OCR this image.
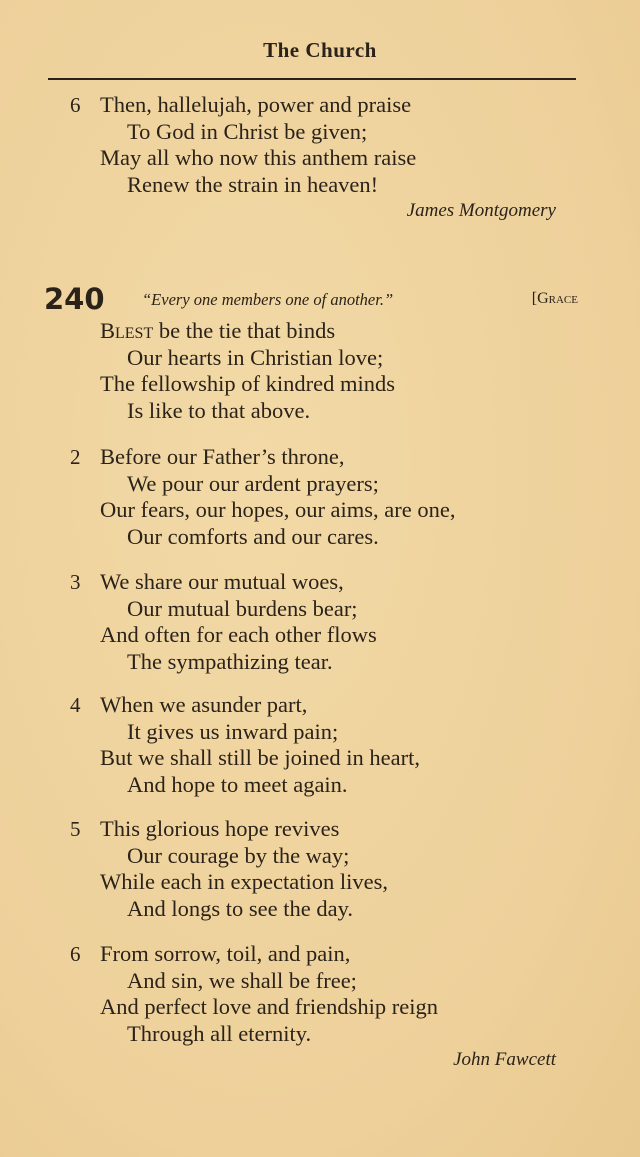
The Church
6 Then, hallelujah, power and praise
To God in Christ be given;
May all who now this anthem raise
Renew the strain in heaven!
James Montgomery
240 “Every one members one of another.”	[Grace
Blest be the tie that binds
Our hearts in Christian love;
The fellowship of kindred minds
Is like to that above.
2 Before our Father’s throne,
We pour our ardent prayers;
Our fears, our hopes, our aims, are one,
Our comforts and our cares.
3 We share our mutual woes,
Our mutual burdens bear;
And often for each other flows
The sympathizing tear.
4 When we asunder part,
It gives us inward pain;
But we shall still be joined in heart,
And hope to meet again.
5 This glorious hope revives
Our courage by the way;
While each in expectation lives,
And longs to see the day.
6 From sorrow, toil, and pain,
And sin, we shall be free;
And perfect love and friendship reign
Through all eternity.
John Fawcett
